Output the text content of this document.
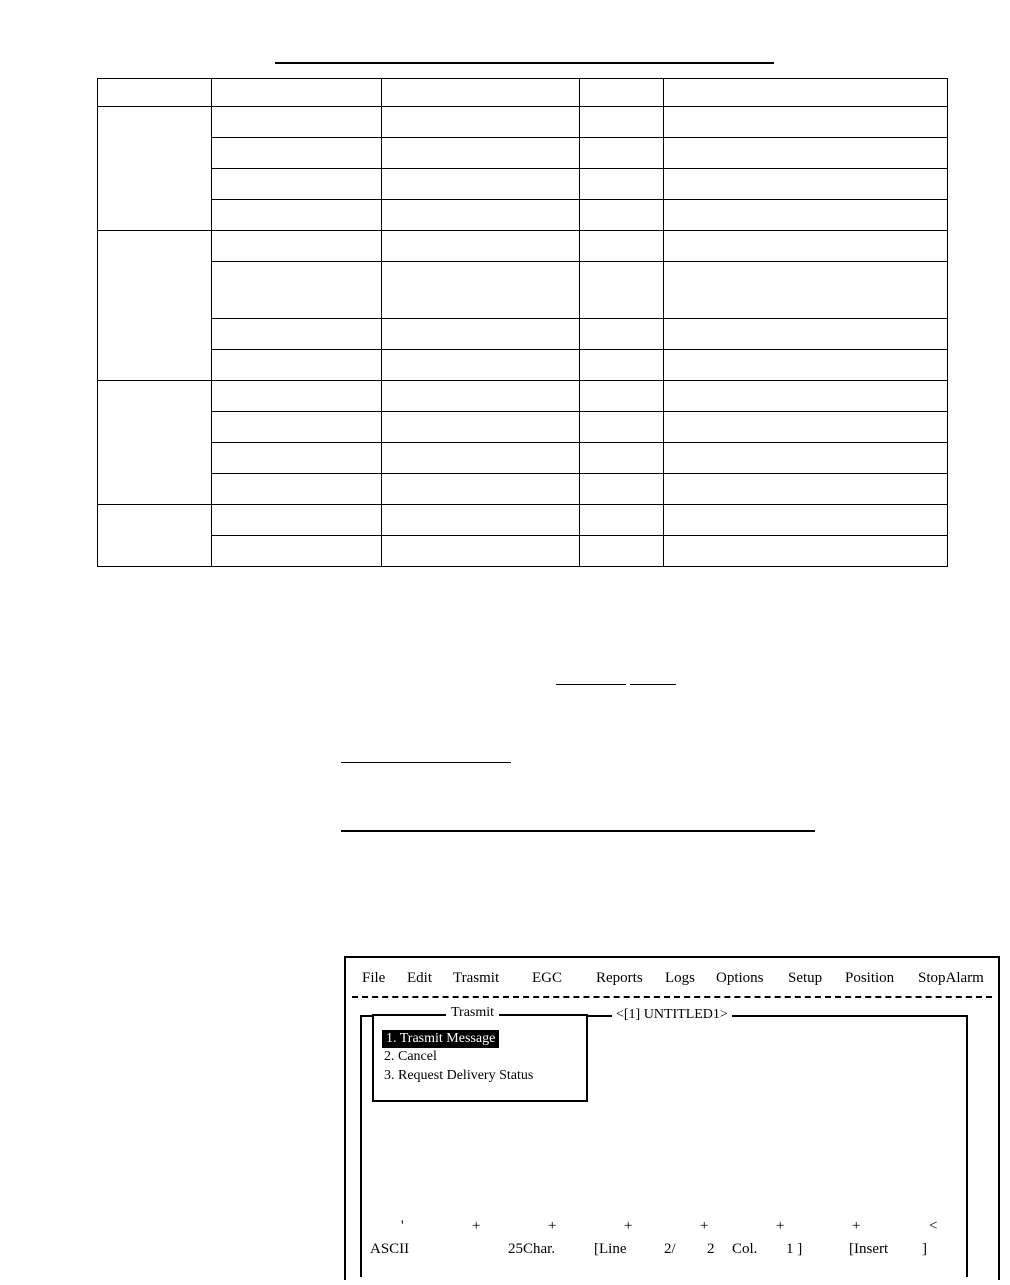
File Edit Trasmit EGC Reports Logs Options Setup Position StopAlarm
<[1] UNTITLED1>
Trasmit
1. Trasmit Message
2. Cancel
3. Request Delivery Status
'	+	+	+	+	+	+	<
ASCII	25Char.	[Line	2/ 2 Col. 1 ]	[Insert ]
